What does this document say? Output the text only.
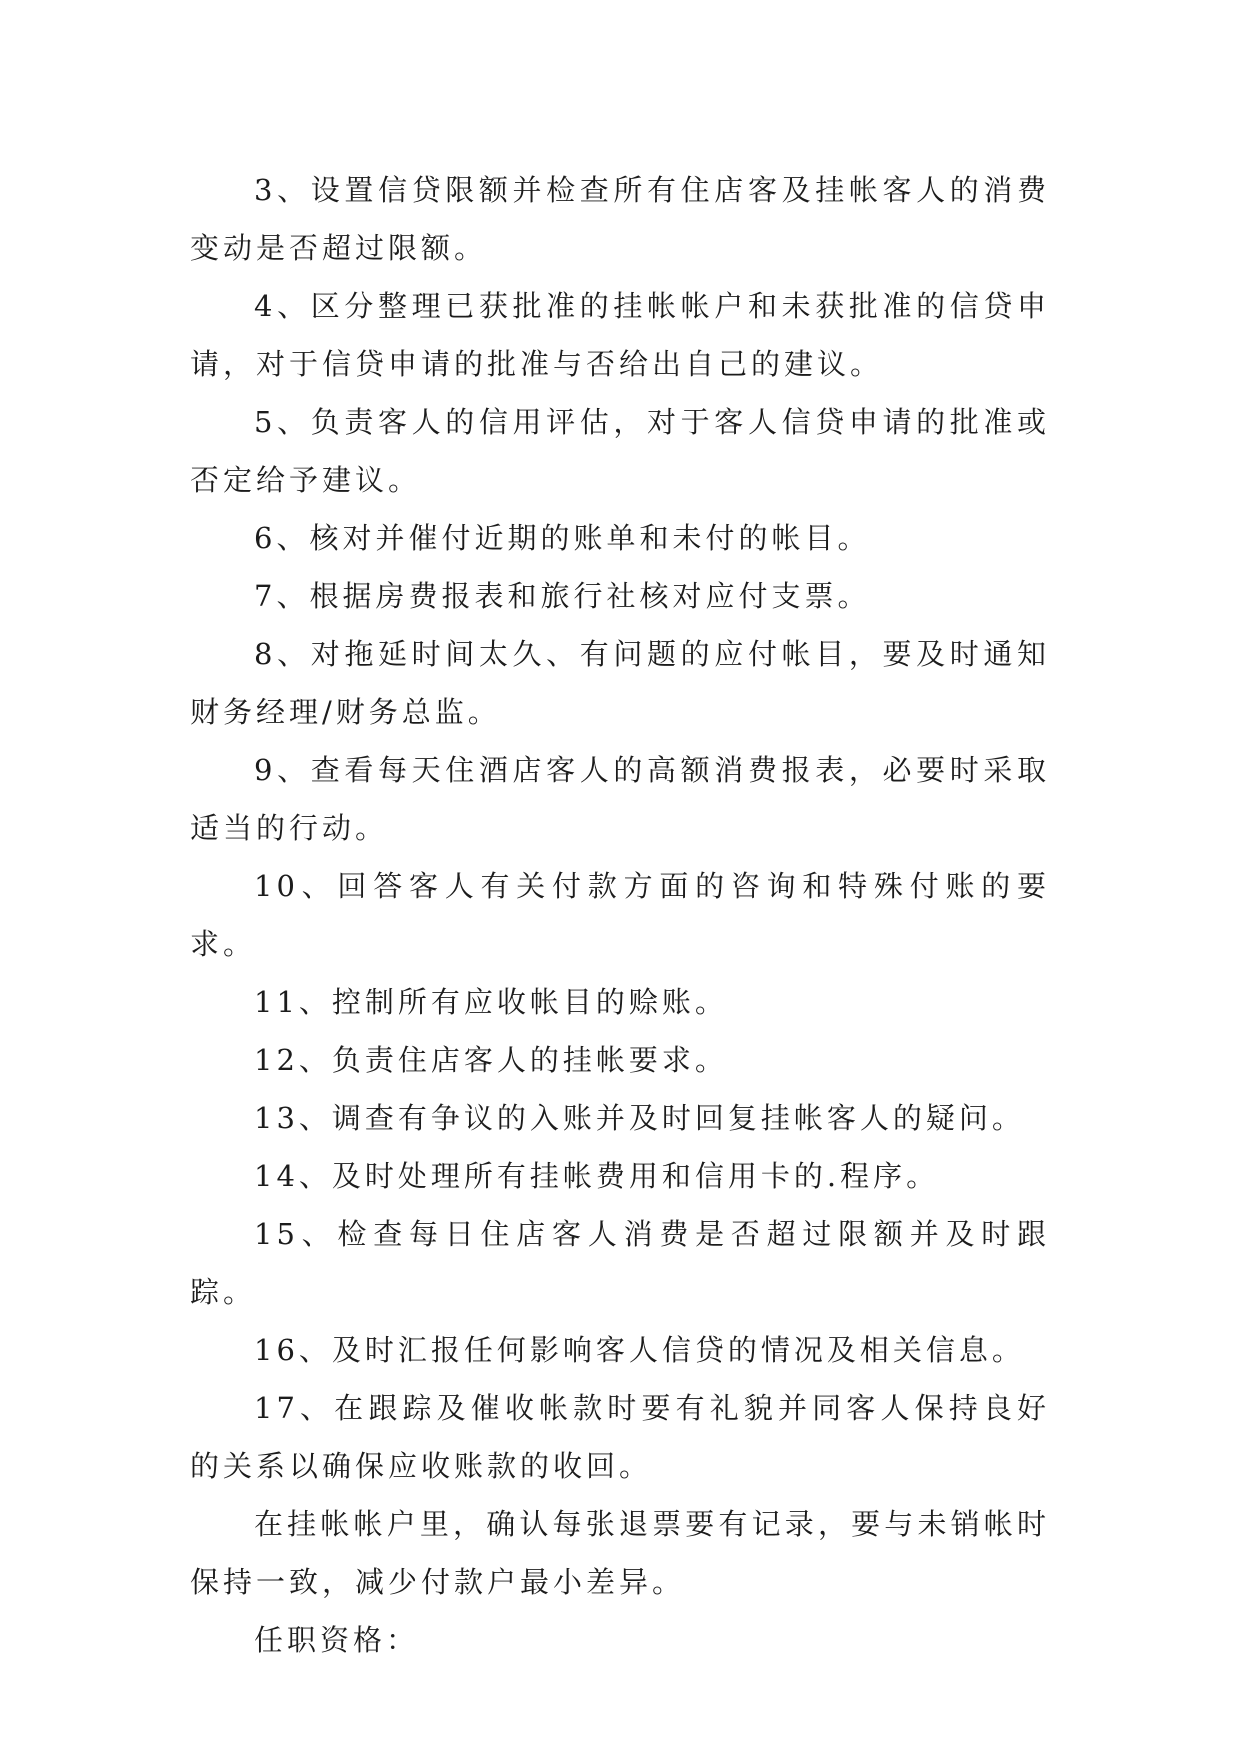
3、设置信贷限额并检查所有住店客及挂帐客人的消费变动是否超过限额。

4、区分整理已获批准的挂帐帐户和未获批准的信贷申请，对于信贷申请的批准与否给出自己的建议。

5、负责客人的信用评估，对于客人信贷申请的批准或否定给予建议。

6、核对并催付近期的账单和未付的帐目。

7、根据房费报表和旅行社核对应付支票。

8、对拖延时间太久、有问题的应付帐目，要及时通知财务经理/财务总监。

9、查看每天住酒店客人的高额消费报表，必要时采取适当的行动。

10、回答客人有关付款方面的咨询和特殊付账的要求。

11、控制所有应收帐目的赊账。

12、负责住店客人的挂帐要求。

13、调查有争议的入账并及时回复挂帐客人的疑问。

14、及时处理所有挂帐费用和信用卡的.程序。

15、检查每日住店客人消费是否超过限额并及时跟踪。

16、及时汇报任何影响客人信贷的情况及相关信息。

17、在跟踪及催收帐款时要有礼貌并同客人保持良好的关系以确保应收账款的收回。

在挂帐帐户里，确认每张退票要有记录，要与未销帐时保持一致，减少付款户最小差异。

任职资格：
